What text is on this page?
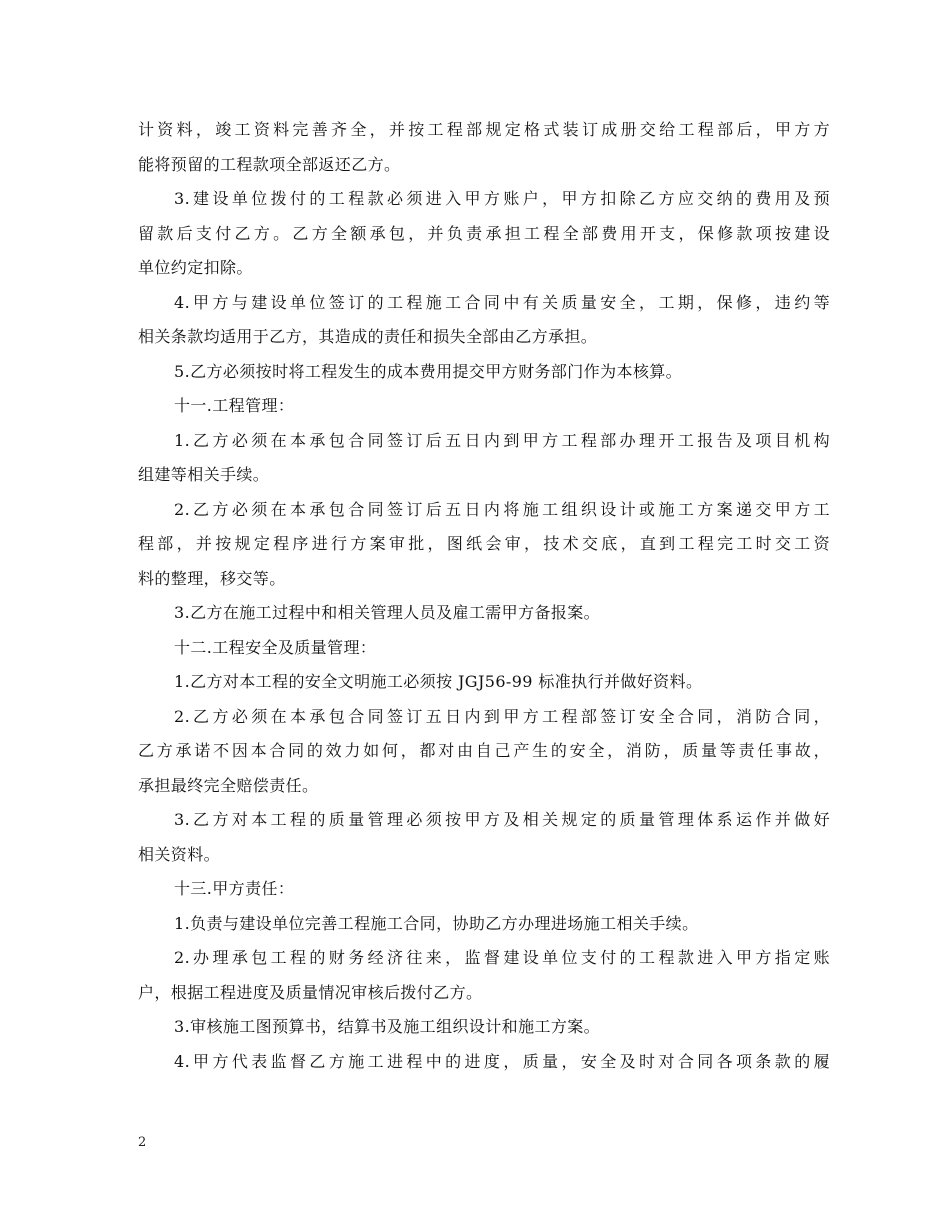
计资料，竣工资料完善齐全，并按工程部规定格式装订成册交给工程部后，甲方方
能将预留的工程款项全部返还乙方。
3.建设单位拨付的工程款必须进入甲方账户，甲方扣除乙方应交纳的费用及预
留款后支付乙方。乙方全额承包，并负责承担工程全部费用开支，保修款项按建设
单位约定扣除。
4.甲方与建设单位签订的工程施工合同中有关质量安全，工期，保修，违约等
相关条款均适用于乙方，其造成的责任和损失全部由乙方承担。
5.乙方必须按时将工程发生的成本费用提交甲方财务部门作为本核算。
十一.工程管理：
1.乙方必须在本承包合同签订后五日内到甲方工程部办理开工报告及项目机构
组建等相关手续。
2.乙方必须在本承包合同签订后五日内将施工组织设计或施工方案递交甲方工
程部，并按规定程序进行方案审批，图纸会审，技术交底，直到工程完工时交工资
料的整理，移交等。
3.乙方在施工过程中和相关管理人员及雇工需甲方备报案。
十二.工程安全及质量管理：
1.乙方对本工程的安全文明施工必须按 JGJ56-99 标准执行并做好资料。
2.乙方必须在本承包合同签订五日内到甲方工程部签订安全合同，消防合同，
乙方承诺不因本合同的效力如何，都对由自己产生的安全，消防，质量等责任事故，
承担最终完全赔偿责任。
3.乙方对本工程的质量管理必须按甲方及相关规定的质量管理体系运作并做好
相关资料。
十三.甲方责任：
1.负责与建设单位完善工程施工合同，协助乙方办理进场施工相关手续。
2.办理承包工程的财务经济往来，监督建设单位支付的工程款进入甲方指定账
户，根据工程进度及质量情况审核后拨付乙方。
3.审核施工图预算书，结算书及施工组织设计和施工方案。
4.甲方代表监督乙方施工进程中的进度，质量，安全及时对合同各项条款的履
2
